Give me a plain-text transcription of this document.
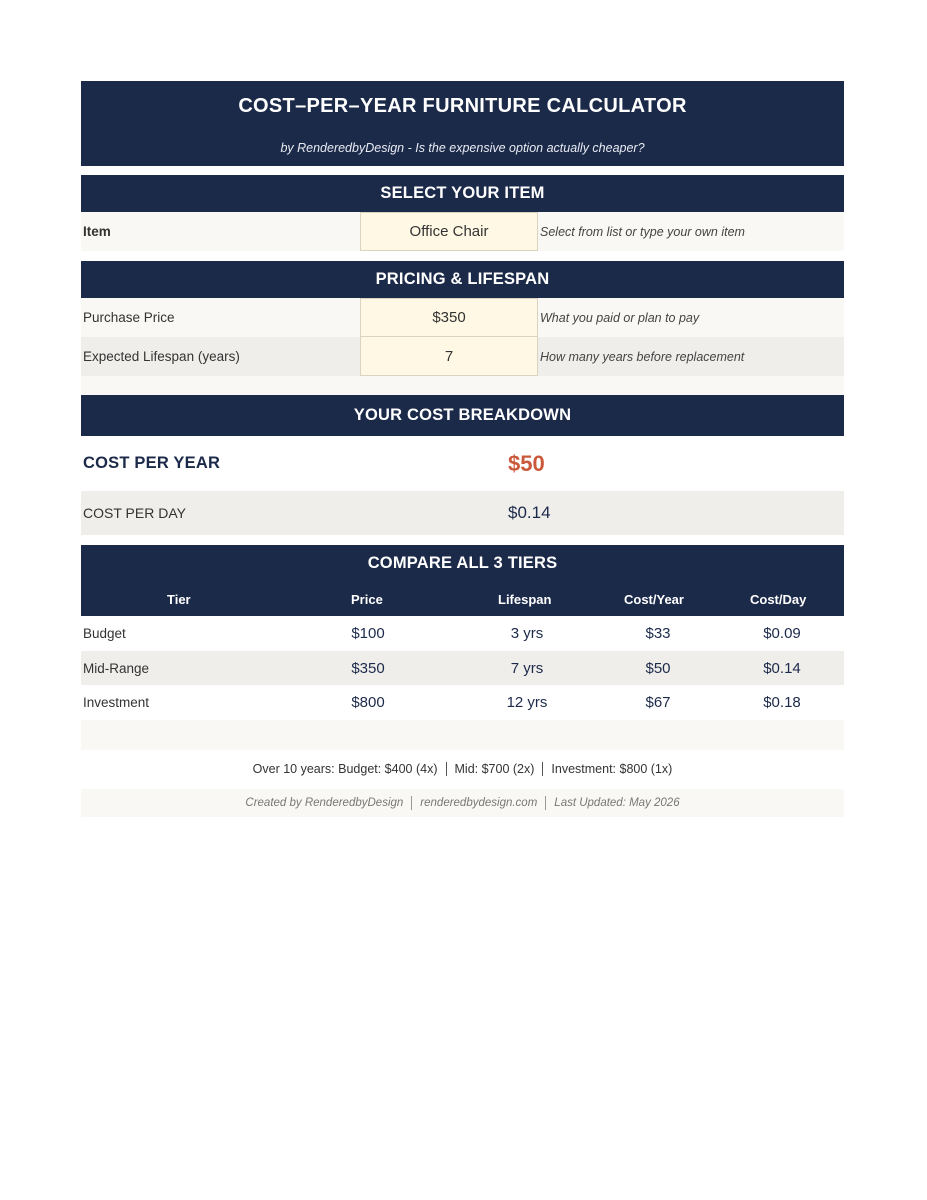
COST–PER–YEAR FURNITURE CALCULATOR
by RenderedbyDesign - Is the expensive option actually cheaper?
SELECT YOUR ITEM
Item	Office Chair	Select from list or type your own item
PRICING & LIFESPAN
Purchase Price	$350	What you paid or plan to pay
Expected Lifespan (years)	7	How many years before replacement
YOUR COST BREAKDOWN
COST PER YEAR	$50
COST PER DAY	$0.14
COMPARE ALL 3 TIERS
Tier	Price	Lifespan	Cost/Year	Cost/Day
Budget	$100	3 yrs	$33	$0.09
Mid-Range	$350	7 yrs	$50	$0.14
Investment	$800	12 yrs	$67	$0.18
Over 10 years: Budget: $400 (4x) Mid: $700 (2x) Investment: $800 (1x)
Created by RenderedbyDesign renderedbydesign.com Last Updated: May 2026
